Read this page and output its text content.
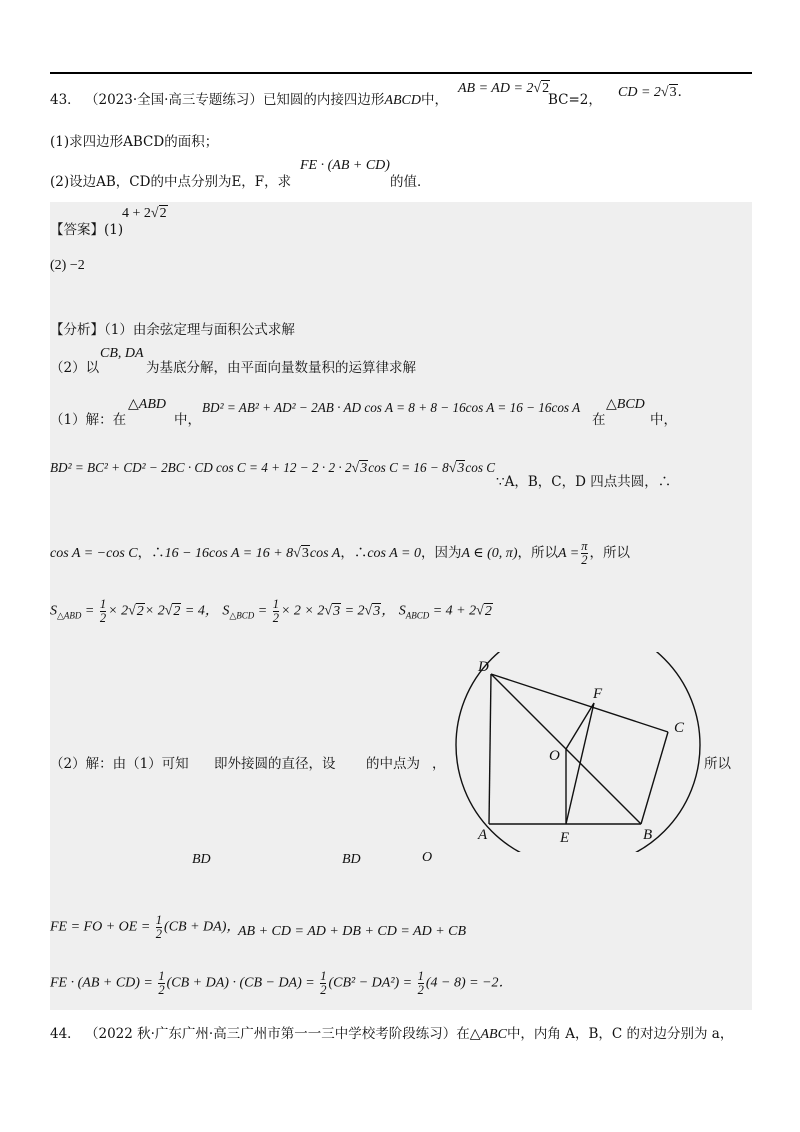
43． （2023·全国·高三专题练习）已知圆的内接四边形ABCD中，
AB = AD = 2√2
BC=2， CD = 2√3．
(1)求四边形ABCD的面积；
(2)设边AB，CD的中点分别为E，F，求
FE · (AB + CD)
的值．
【答案】(1)
4 + 2√2
(2) −2
【分析】（1）由余弦定理与面积公式求解
（2）以
CB, DA
为基底分解，由平面向量数量积的运算律求解
（1）解：在
△ABD
中，
BD² = AB² + AD² − 2AB · AD cos A = 8 + 8 − 16cos A = 16 − 16cos A
在
△BCD
中，
BD² = BC² + CD² − 2BC · CD cos C = 4 + 12 − 2 · 2 · 2√3cos C = 16 − 8√3cos C
∵A，B，C，D 四点共圆，∴
cos A = −cos C，∴16 − 16cos A = 16 + 8√3cos A，∴cos A = 0，因为A ∈ (0, π)，所以$A = \frac{\pi}{2}$ ，所以
$S_{\triangle ABD} = \frac{1}{2} \times 2√2\times 2√2 = 4$， $S_{\triangle BCD} = \frac{1}{2} \times 2 \times 2√3 = 2√3$， $S_{ABCD} = 4 + 2√2$
（2）解：由（1）可知 即外接圆的直径，设 的中点为 ，	所以
BD	BD	O
D
F
C
O
A	E	B
FE = FO + OE = $\frac{1}{2} (CB + DA)$，
AB + CD = AD + DB + CD = AD + CB
FE · $(AB + CD) = \frac{1}{2} (CB + DA) \cdot (CB - DA) = \frac{1}{2} (CB^2 - DA^2) = \frac{1}{2} (4 - 8) = -2$．
44． （2022 秋·广东广州·高三广州市第一一三中学校考阶段练习）在△ABC中，内角 A，B，C 的对边分别为 a，
